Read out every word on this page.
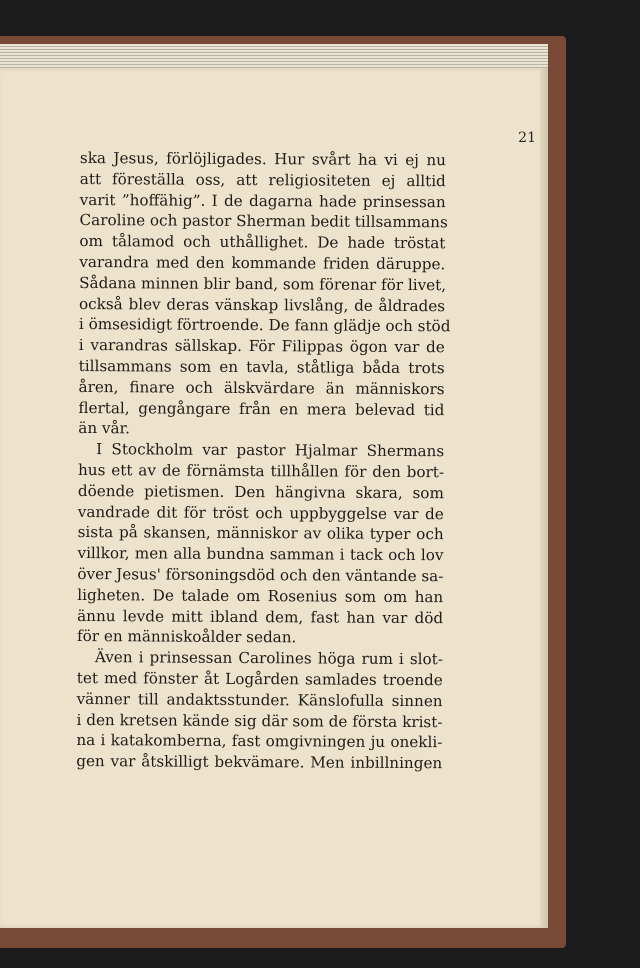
21
ska Jesus, förlöjligades. Hur svårt ha vi ej nu
att föreställa oss, att religiositeten ej alltid
varit ”hoffähig”. I de dagarna hade prinsessan
Caroline och pastor Sherman bedit tillsammans
om tålamod och uthållighet. De hade tröstat
varandra med den kommande friden däruppe.
Sådana minnen blir band, som förenar för livet,
också blev deras vänskap livslång, de åldrades
i ömsesidigt förtroende. De fann glädje och stöd
i varandras sällskap. För Filippas ögon var de
tillsammans som en tavla, ståtliga båda trots
åren, finare och älskvärdare än människors
flertal, gengångare från en mera belevad tid
än vår.
I Stockholm var pastor Hjalmar Shermans
hus ett av de förnämsta tillhållen för den bort-
döende pietismen. Den hängivna skara, som
vandrade dit för tröst och uppbyggelse var de
sista på skansen, människor av olika typer och
villkor, men alla bundna samman i tack och lov
över Jesus' försoningsdöd och den väntande sa-
ligheten. De talade om Rosenius som om han
ännu levde mitt ibland dem, fast han var död
för en människoålder sedan.
Även i prinsessan Carolines höga rum i slot-
tet med fönster åt Logården samlades troende
vänner till andaktsstunder. Känslofulla sinnen
i den kretsen kände sig där som de första krist-
na i katakomberna, fast omgivningen ju onekli-
gen var åtskilligt bekvämare. Men inbillningen
